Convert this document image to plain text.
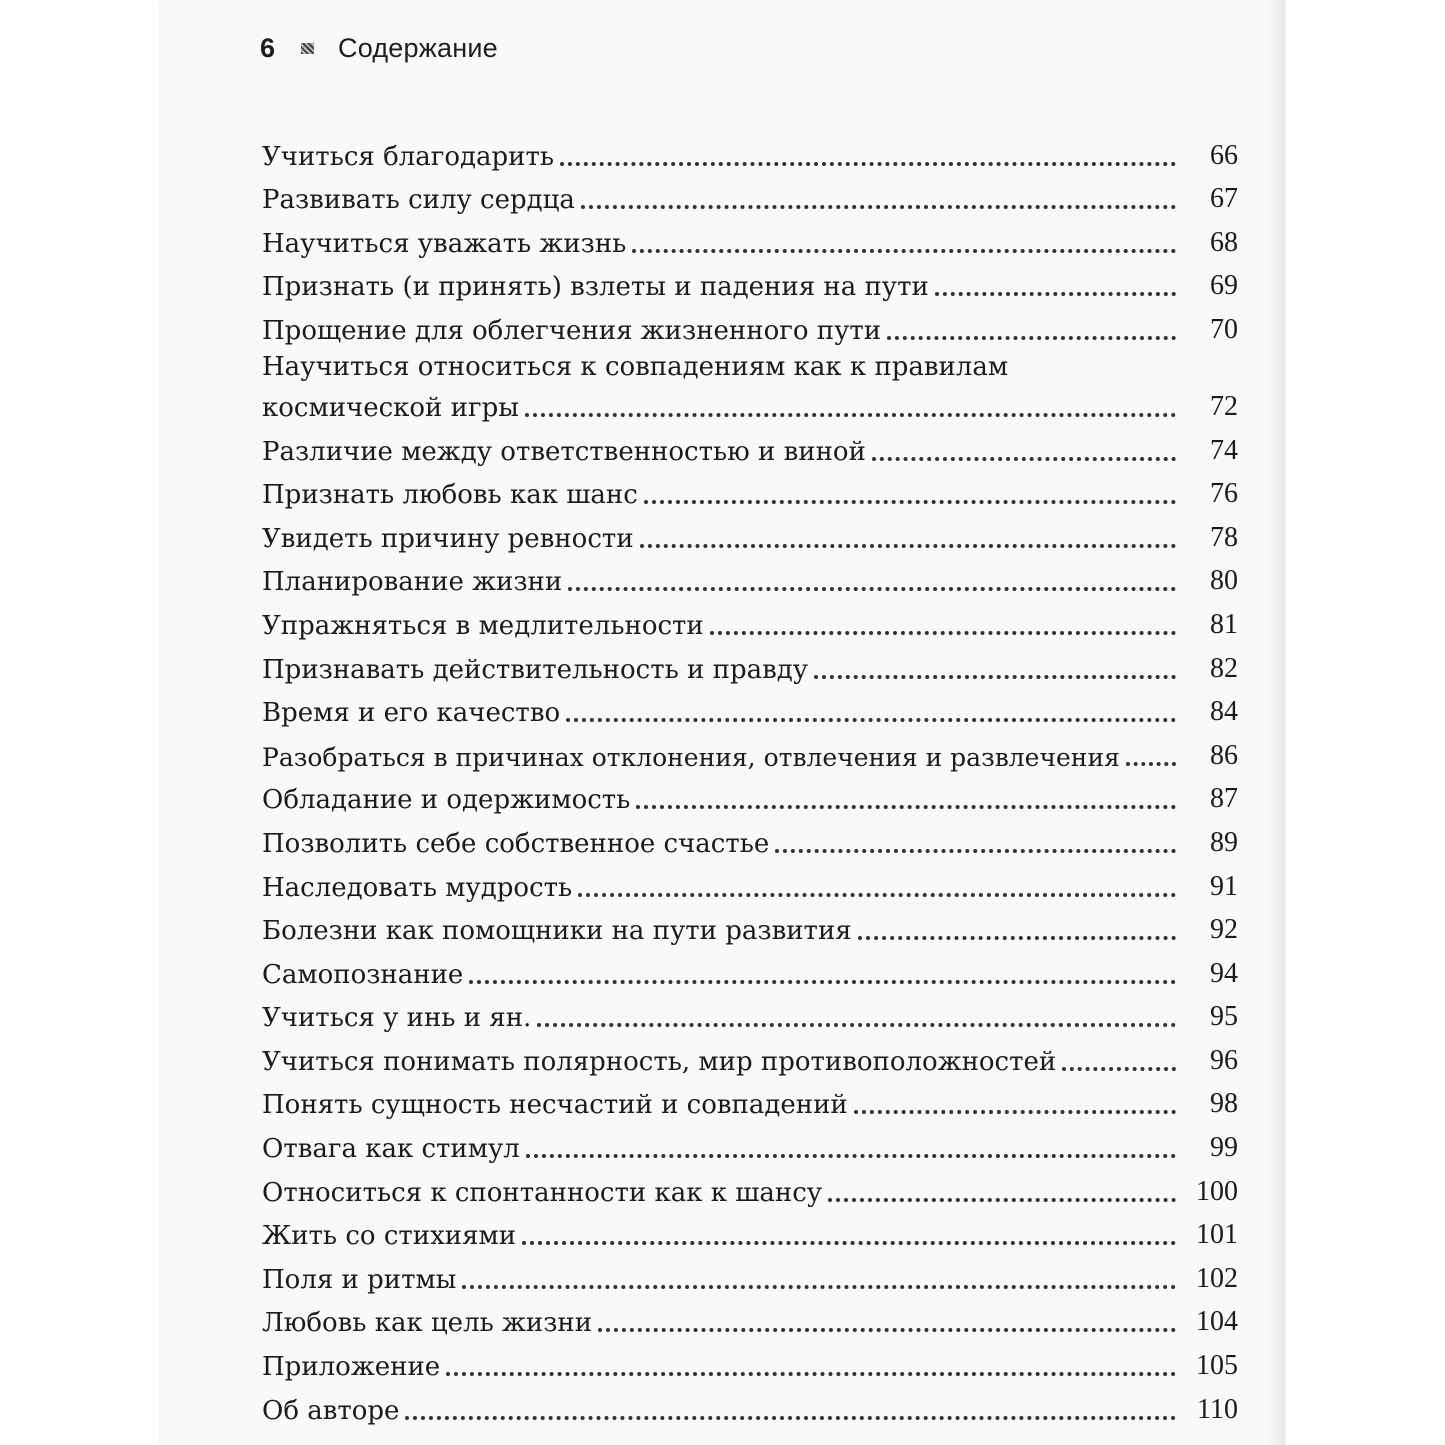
6 Содержание
Учиться благодарить	66
Развивать силу сердца	67
Научиться уважать жизнь	68
Признать (и принять) взлеты и падения на пути	69
Прощение для облегчения жизненного пути	70
Научиться относиться к совпадениям как к правилам
космической игры	72
Различие между ответственностью и виной	74
Признать любовь как шанс	76
Увидеть причину ревности	78
Планирование жизни	80
Упражняться в медлительности	81
Признавать действительность и правду	82
Время и его качество	84
Разобраться в причинах отклонения, отвлечения и развлечения	86
Обладание и одержимость	87
Позволить себе собственное счастье	89
Наследовать мудрость	91
Болезни как помощники на пути развития	92
Самопознание	94
Учиться у инь и ян.	95
Учиться понимать полярность, мир противоположностей	96
Понять сущность несчастий и совпадений	98
Отвага как стимул	99
Относиться к спонтанности как к шансу	100
Жить со стихиями	101
Поля и ритмы	102
Любовь как цель жизни	104
Приложение	105
Об авторе	110
